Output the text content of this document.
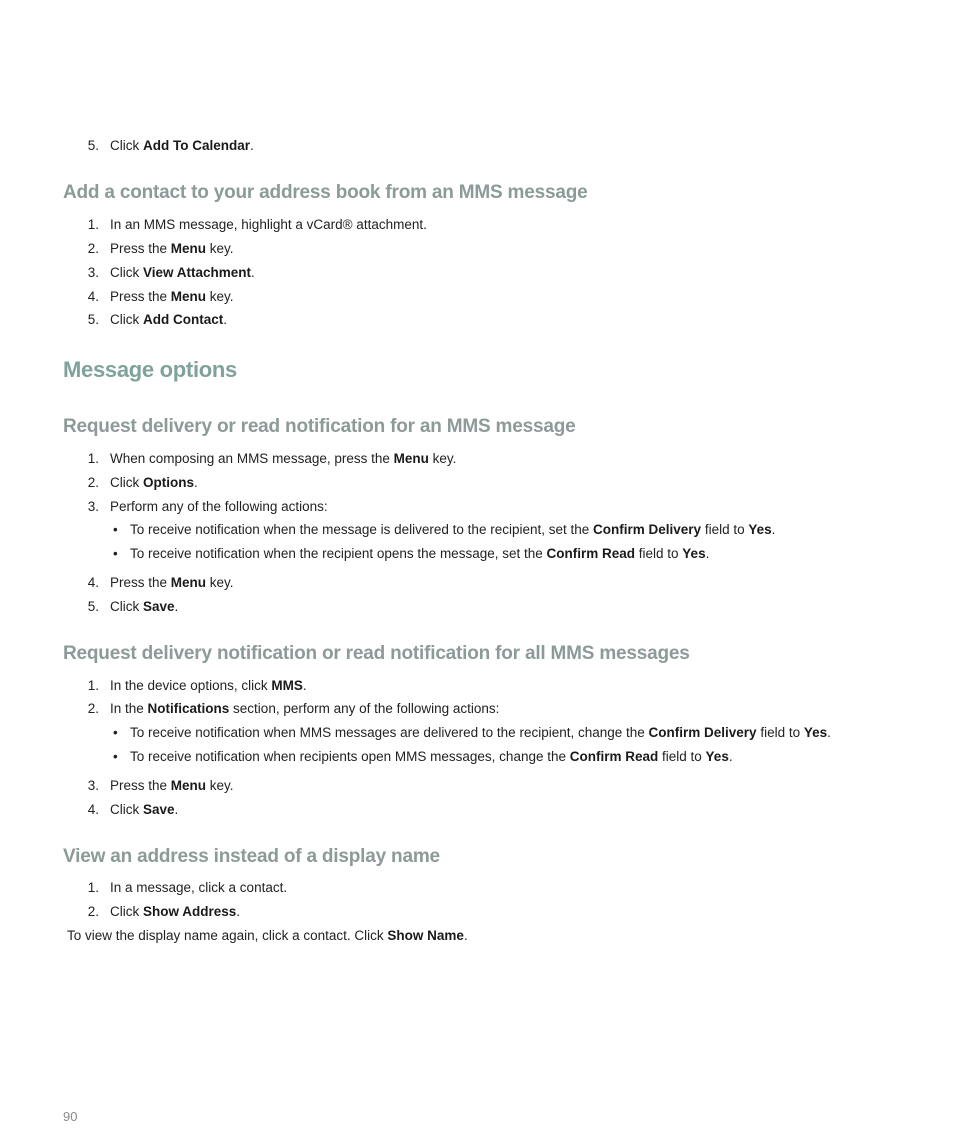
5. Click Add To Calendar.
Add a contact to your address book from an MMS message
1. In an MMS message, highlight a vCard® attachment.
2. Press the Menu key.
3. Click View Attachment.
4. Press the Menu key.
5. Click Add Contact.
Message options
Request delivery or read notification for an MMS message
1. When composing an MMS message, press the Menu key.
2. Click Options.
3. Perform any of the following actions:
• To receive notification when the message is delivered to the recipient, set the Confirm Delivery field to Yes.
• To receive notification when the recipient opens the message, set the Confirm Read field to Yes.
4. Press the Menu key.
5. Click Save.
Request delivery notification or read notification for all MMS messages
1. In the device options, click MMS.
2. In the Notifications section, perform any of the following actions:
• To receive notification when MMS messages are delivered to the recipient, change the Confirm Delivery field to Yes.
• To receive notification when recipients open MMS messages, change the Confirm Read field to Yes.
3. Press the Menu key.
4. Click Save.
View an address instead of a display name
1. In a message, click a contact.
2. Click Show Address.
To view the display name again, click a contact. Click Show Name.
90
